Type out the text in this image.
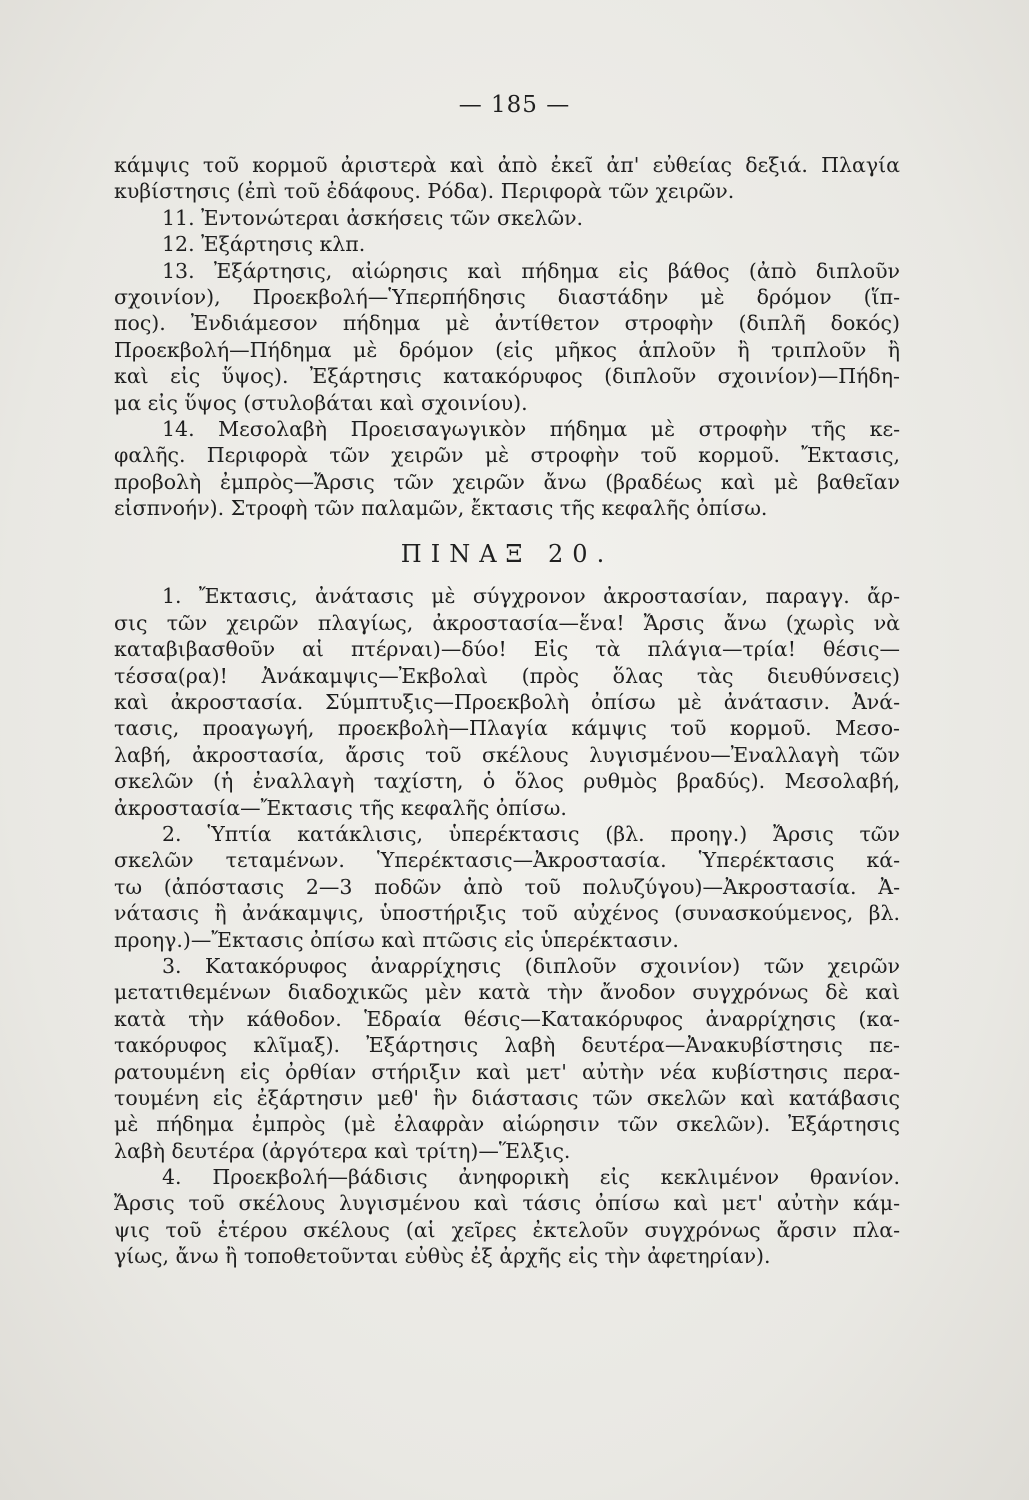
— 185 —
κάμψις τοῦ κορμοῦ ἀριστερὰ καὶ ἀπὸ ἐκεῖ ἀπ' εὐθείας δεξιά. Πλαγία
κυβίστησις (ἐπὶ τοῦ ἐδάφους. Ρόδα). Περιφορὰ τῶν χειρῶν.
11. Ἐντονώτεραι ἀσκήσεις τῶν σκελῶν.
12. Ἐξάρτησις κλπ.
13. Ἐξάρτησις, αἰώρησις καὶ πήδημα εἰς βάθος (ἀπὸ διπλοῦν
σχοινίον), Προεκβολή—Ὑπερπήδησις διαστάδην μὲ δρόμον (ἵπ-
πος). Ἐνδιάμεσον πήδημα μὲ ἀντίθετον στροφὴν (διπλῆ δοκός)
Προεκβολή—Πήδημα μὲ δρόμον (εἰς μῆκος ἁπλοῦν ἢ τριπλοῦν ἢ
καὶ εἰς ὕψος). Ἐξάρτησις κατακόρυφος (διπλοῦν σχοινίον)—Πήδη-
μα εἰς ὕψος (στυλοβάται καὶ σχοινίου).
14. Μεσολαβὴ Προεισαγωγικὸν πήδημα μὲ στροφὴν τῆς κε-
φαλῆς. Περιφορὰ τῶν χειρῶν μὲ στροφὴν τοῦ κορμοῦ. Ἔκτασις,
προβολὴ ἐμπρὸς—Ἄρσις τῶν χειρῶν ἄνω (βραδέως καὶ μὲ βαθεῖαν
εἰσπνοήν). Στροφὴ τῶν παλαμῶν, ἔκτασις τῆς κεφαλῆς ὀπίσω.
ΠΙΝΑΞ 20.
1. Ἔκτασις, ἀνάτασις μὲ σύγχρονον ἀκροστασίαν, παραγγ. ἄρ-
σις τῶν χειρῶν πλαγίως, ἀκροστασία—ἕνα! Ἄρσις ἄνω (χωρὶς νὰ
καταβιβασθοῦν αἱ πτέρναι)—δύο! Εἰς τὰ πλάγια—τρία! θέσις—
τέσσα(ρα)! Ἀνάκαμψις—Ἐκβολαὶ (πρὸς ὅλας τὰς διευθύνσεις)
καὶ ἀκροστασία. Σύμπτυξις—Προεκβολὴ ὀπίσω μὲ ἀνάτασιν. Ἀνά-
τασις, προαγωγή, προεκβολὴ—Πλαγία κάμψις τοῦ κορμοῦ. Μεσο-
λαβή, ἀκροστασία, ἄρσις τοῦ σκέλους λυγισμένου—Ἐναλλαγὴ τῶν
σκελῶν (ἡ ἐναλλαγὴ ταχίστη, ὁ ὅλος ρυθμὸς βραδύς). Μεσολαβή,
ἀκροστασία—Ἔκτασις τῆς κεφαλῆς ὀπίσω.
2. Ὑπτία κατάκλισις, ὑπερέκτασις (βλ. προηγ.) Ἄρσις τῶν
σκελῶν τεταμένων. Ὑπερέκτασις—Ἀκροστασία. Ὑπερέκτασις κά-
τω (ἀπόστασις 2—3 ποδῶν ἀπὸ τοῦ πολυζύγου)—Ἀκροστασία. Ἀ-
νάτασις ἢ ἀνάκαμψις, ὑποστήριξις τοῦ αὐχένος (συνασκούμενος, βλ.
προηγ.)—Ἔκτασις ὀπίσω καὶ πτῶσις εἰς ὑπερέκτασιν.
3. Κατακόρυφος ἀναρρίχησις (διπλοῦν σχοινίον) τῶν χειρῶν
μετατιθεμένων διαδοχικῶς μὲν κατὰ τὴν ἄνοδον συγχρόνως δὲ καὶ
κατὰ τὴν κάθοδον. Ἑδραία θέσις—Κατακόρυφος ἀναρρίχησις (κα-
τακόρυφος κλῖμαξ). Ἐξάρτησις λαβὴ δευτέρα—Ἀνακυβίστησις πε-
ρατουμένη εἰς ὀρθίαν στήριξιν καὶ μετ' αὐτὴν νέα κυβίστησις περα-
τουμένη εἰς ἐξάρτησιν μεθ' ἣν διάστασις τῶν σκελῶν καὶ κατάβασις
μὲ πήδημα ἐμπρὸς (μὲ ἐλαφρὰν αἰώρησιν τῶν σκελῶν). Ἐξάρτησις
λαβὴ δευτέρα (ἀργότερα καὶ τρίτη)—Ἕλξις.
4. Προεκβολή—βάδισις ἀνηφορικὴ εἰς κεκλιμένον θρανίον.
Ἄρσις τοῦ σκέλους λυγισμένου καὶ τάσις ὀπίσω καὶ μετ' αὐτὴν κάμ-
ψις τοῦ ἑτέρου σκέλους (αἱ χεῖρες ἐκτελοῦν συγχρόνως ἄρσιν πλα-
γίως, ἄνω ἢ τοποθετοῦνται εὐθὺς ἐξ ἀρχῆς εἰς τὴν ἀφετηρίαν).
